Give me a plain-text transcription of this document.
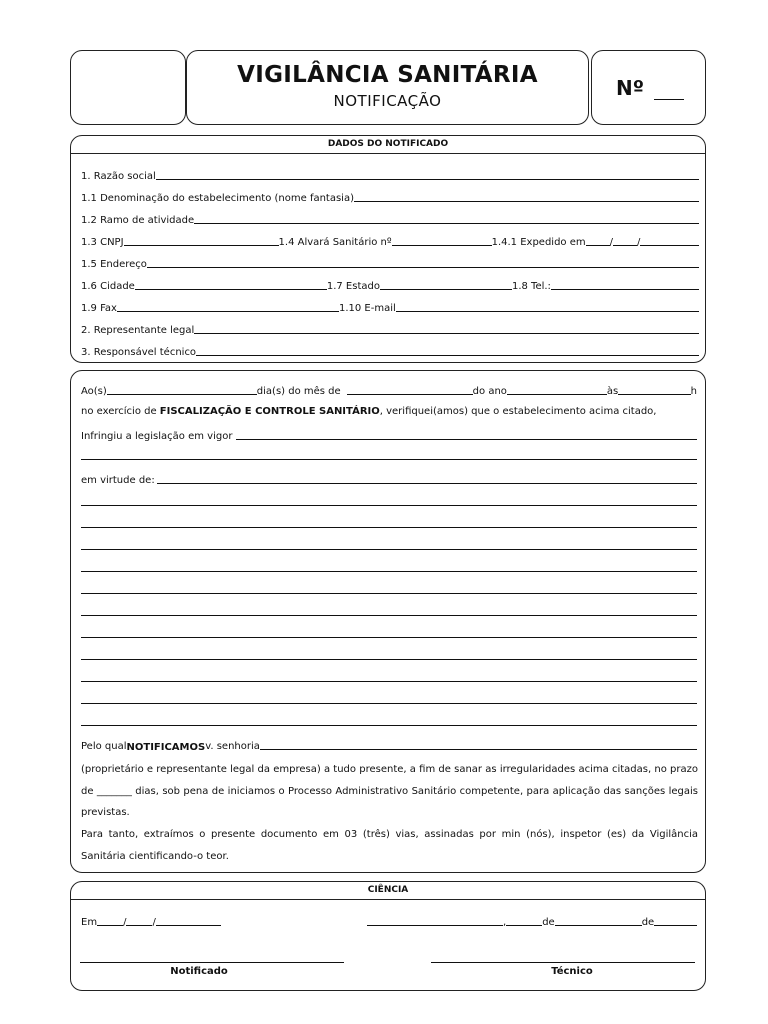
VIGILÂNCIA SANITÁRIA
NOTIFICAÇÃO
Nº
DADOS DO NOTIFICADO
1. Razão social
1.1 Denominação do estabelecimento (nome fantasia)
1.2 Ramo de atividade
1.3 CNPJ	1.4 Alvará Sanitário nº	1.4.1 Expedido em / /
1.5 Endereço
1.6 Cidade	1.7 Estado	1.8 Tel.:
1.9 Fax	1.10 E-mail
2. Representante legal
3. Responsável técnico
Ao(s)	dia(s) do mês de	do ano	às	h
no exercício de FISCALIZAÇÃO E CONTROLE SANITÁRIO, verifiquei(amos) que o estabelecimento acima citado,
Infringiu a legislação em vigor
em virtude de:
Pelo qual NOTIFICAMOS v. senhoria
(proprietário e representante legal da empresa) a tudo presente, a fim de sanar as irregularidades acima citadas, no prazo de _______ dias, sob pena de iniciamos o Processo Administrativo Sanitário competente, para aplicação das sanções legais previstas.
Para tanto, extraímos o presente documento em 03 (três) vias, assinadas por min (nós), inspetor (es) da Vigilância Sanitária cientificando-o teor.
CIÊNCIA
Em	/	/	,	de	de
Notificado	Técnico
